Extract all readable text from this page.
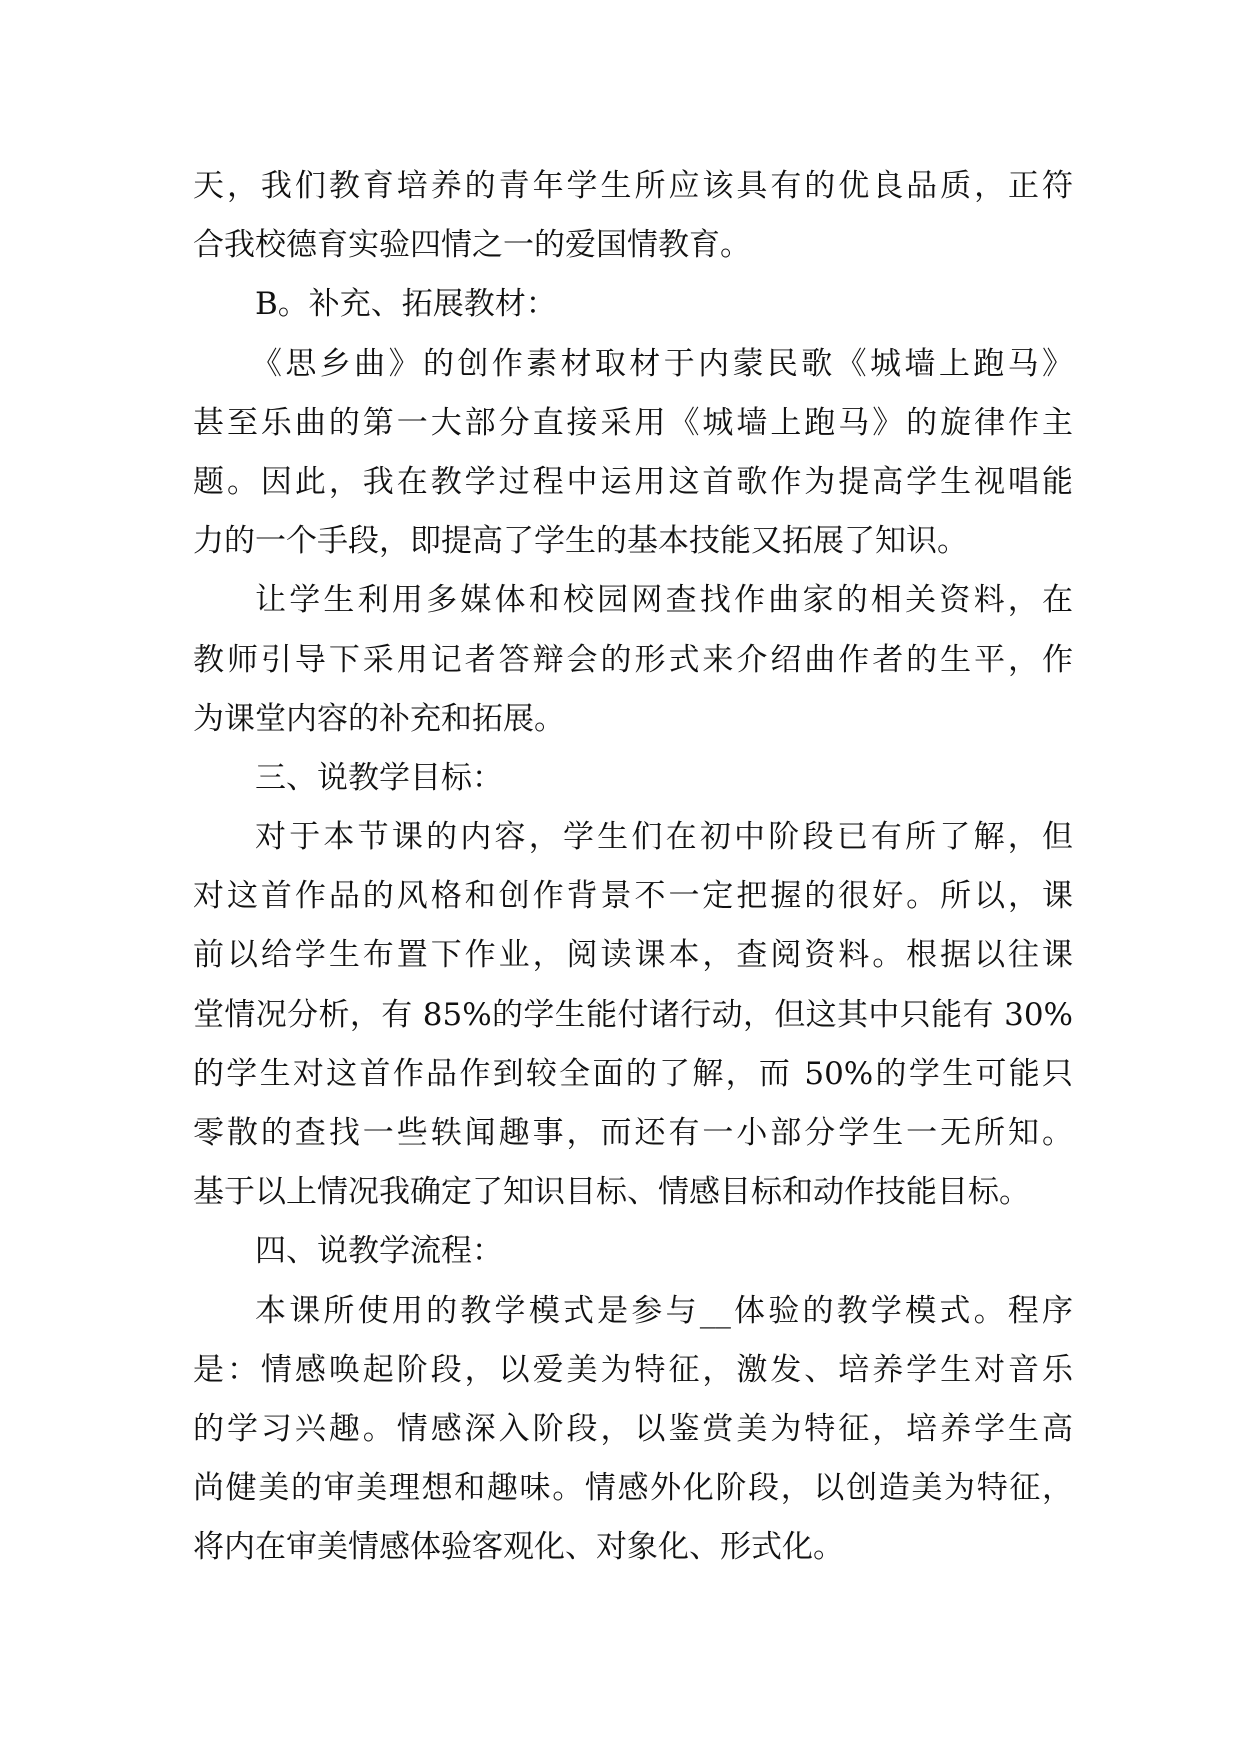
天，我们教育培养的青年学生所应该具有的优良品质，正符
合我校德育实验四情之一的爱国情教育。
B。补充、拓展教材：
《思乡曲》的创作素材取材于内蒙民歌《城墙上跑马》
甚至乐曲的第一大部分直接采用《城墙上跑马》的旋律作主
题。因此，我在教学过程中运用这首歌作为提高学生视唱能
力的一个手段，即提高了学生的基本技能又拓展了知识。
让学生利用多媒体和校园网查找作曲家的相关资料，在
教师引导下采用记者答辩会的形式来介绍曲作者的生平，作
为课堂内容的补充和拓展。
三、说教学目标：
对于本节课的内容，学生们在初中阶段已有所了解，但
对这首作品的风格和创作背景不一定把握的很好。所以，课
前以给学生布置下作业，阅读课本，查阅资料。根据以往课
堂情况分析，有 85%的学生能付诸行动，但这其中只能有 30%
的学生对这首作品作到较全面的了解，而 50%的学生可能只
零散的查找一些轶闻趣事，而还有一小部分学生一无所知。
基于以上情况我确定了知识目标、情感目标和动作技能目标。
四、说教学流程：
本课所使用的教学模式是参与__体验的教学模式。程序
是：情感唤起阶段，以爱美为特征，激发、培养学生对音乐
的学习兴趣。情感深入阶段，以鉴赏美为特征，培养学生高
尚健美的审美理想和趣味。情感外化阶段，以创造美为特征，
将内在审美情感体验客观化、对象化、形式化。
